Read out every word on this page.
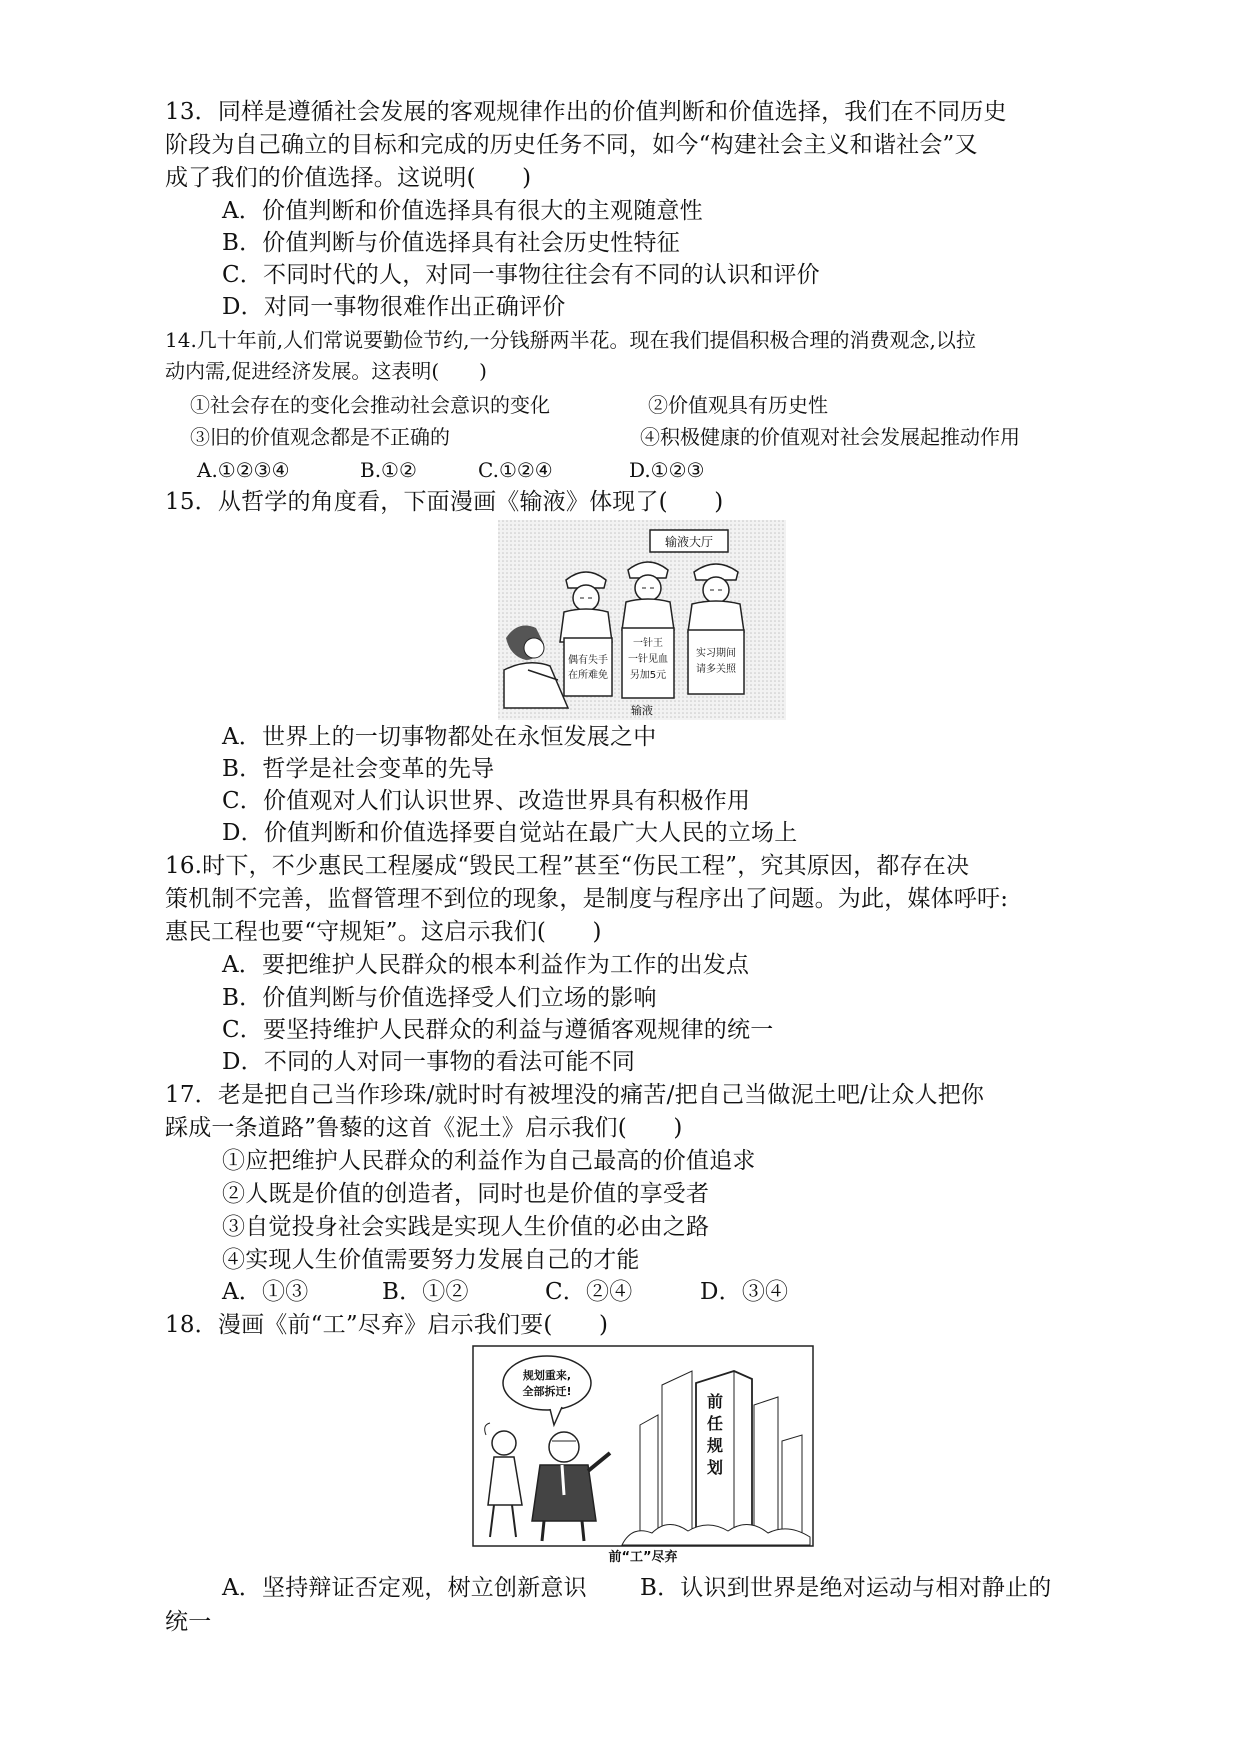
13．同样是遵循社会发展的客观规律作出的价值判断和价值选择，我们在不同历史
阶段为自己确立的目标和完成的历史任务不同，如今“构建社会主义和谐社会”又
成了我们的价值选择。这说明(　　)
A．价值判断和价值选择具有很大的主观随意性
B．价值判断与价值选择具有社会历史性特征
C．不同时代的人，对同一事物往往会有不同的认识和评价
D．对同一事物很难作出正确评价
14.几十年前,人们常说要勤俭节约,一分钱掰两半花。现在我们提倡积极合理的消费观念,以拉
动内需,促进经济发展。这表明(　　)
①社会存在的变化会推动社会意识的变化	②价值观具有历史性
③旧的价值观念都是不正确的	④积极健康的价值观对社会发展起推动作用
A.①②③④	B.①②	C.①②④	D.①②③
15．从哲学的角度看，下面漫画《输液》体现了(　　)
输液大厅
偶有失手
在所难免
一针王
一针见血
另加5元
实习期间
请多关照
输液
A．世界上的一切事物都处在永恒发展之中
B．哲学是社会变革的先导
C．价值观对人们认识世界、改造世界具有积极作用
D．价值判断和价值选择要自觉站在最广大人民的立场上
16.时下，不少惠民工程屡成“毁民工程”甚至“伤民工程”，究其原因，都存在决
策机制不完善，监督管理不到位的现象，是制度与程序出了问题。为此，媒体呼吁:
惠民工程也要“守规矩”。这启示我们(　　)
A．要把维护人民群众的根本利益作为工作的出发点
B．价值判断与价值选择受人们立场的影响
C．要坚持维护人民群众的利益与遵循客观规律的统一
D．不同的人对同一事物的看法可能不同
17．老是把自己当作珍珠/就时时有被埋没的痛苦/把自己当做泥土吧/让众人把你
踩成一条道路”鲁藜的这首《泥土》启示我们(　　)
①应把维护人民群众的利益作为自己最高的价值追求
②人既是价值的创造者，同时也是价值的享受者
③自觉投身社会实践是实现人生价值的必由之路
④实现人生价值需要努力发展自己的才能
A．①③	B．①②	C．②④	D．③④
18．漫画《前“工”尽弃》启示我们要(　　)
规划重来,
全部拆迁!
前
任
规
划
前“工”尽弃
A．坚持辩证否定观，树立创新意识 B．认识到世界是绝对运动与相对静止的
统一
